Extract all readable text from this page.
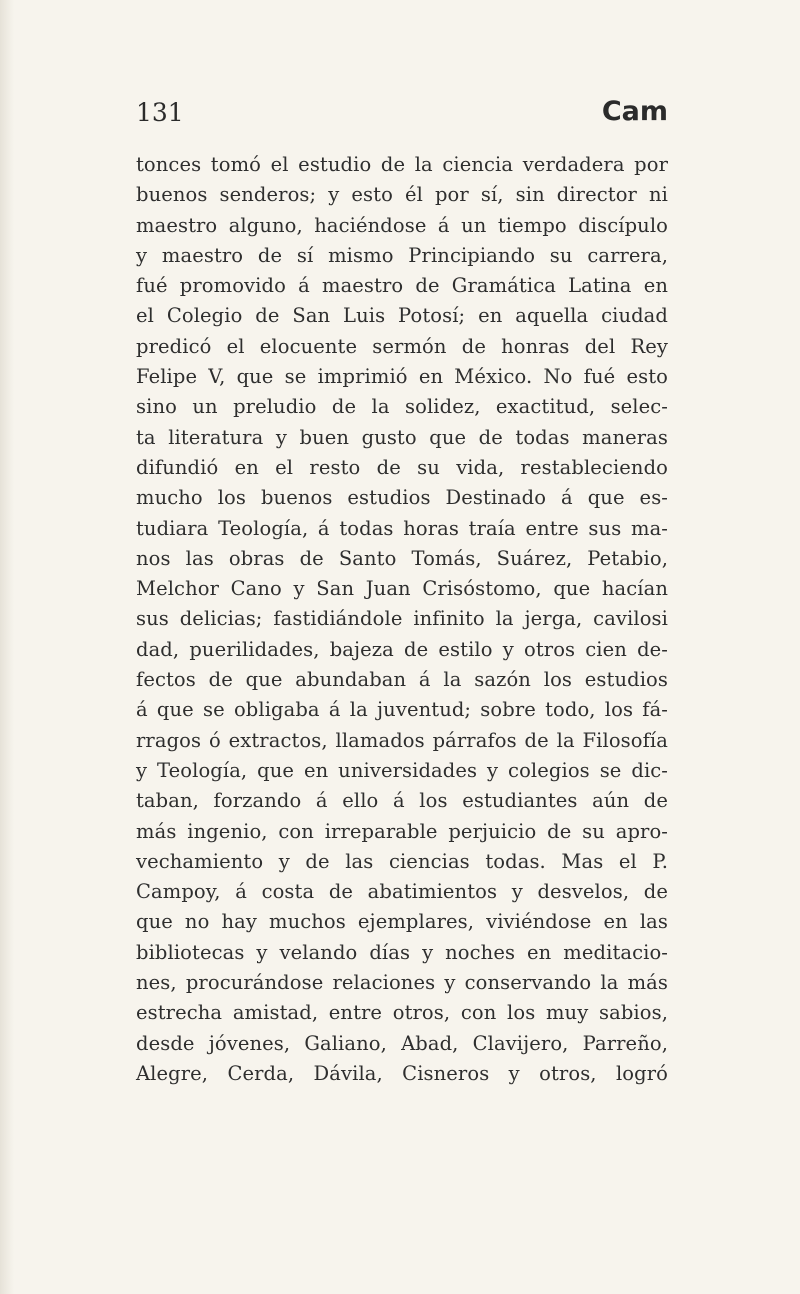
131	Cam
tonces tomó el estudio de la ciencia verdadera por
buenos senderos; y esto él por sí, sin director ni
maestro alguno, haciéndose á un tiempo discípulo
y maestro de sí mismo Principiando su carrera,
fué promovido á maestro de Gramática Latina en
el Colegio de San Luis Potosí; en aquella ciudad
predicó el elocuente sermón de honras del Rey
Felipe V, que se imprimió en México. No fué esto
sino un preludio de la solidez, exactitud, selec-
ta literatura y buen gusto que de todas maneras
difundió en el resto de su vida, restableciendo
mucho los buenos estudios Destinado á que es-
tudiara Teología, á todas horas traía entre sus ma-
nos las obras de Santo Tomás, Suárez, Petabio,
Melchor Cano y San Juan Crisóstomo, que hacían
sus delicias; fastidiándole infinito la jerga, cavilosi
dad, puerilidades, bajeza de estilo y otros cien de-
fectos de que abundaban á la sazón los estudios
á que se obligaba á la juventud; sobre todo, los fá-
rragos ó extractos, llamados párrafos de la Filosofía
y Teología, que en universidades y colegios se dic-
taban, forzando á ello á los estudiantes aún de
más ingenio, con irreparable perjuicio de su apro-
vechamiento y de las ciencias todas. Mas el P.
Campoy, á costa de abatimientos y desvelos, de
que no hay muchos ejemplares, viviéndose en las
bibliotecas y velando días y noches en meditacio-
nes, procurándose relaciones y conservando la más
estrecha amistad, entre otros, con los muy sabios,
desde jóvenes, Galiano, Abad, Clavijero, Parreño,
Alegre, Cerda, Dávila, Cisneros y otros, logró
